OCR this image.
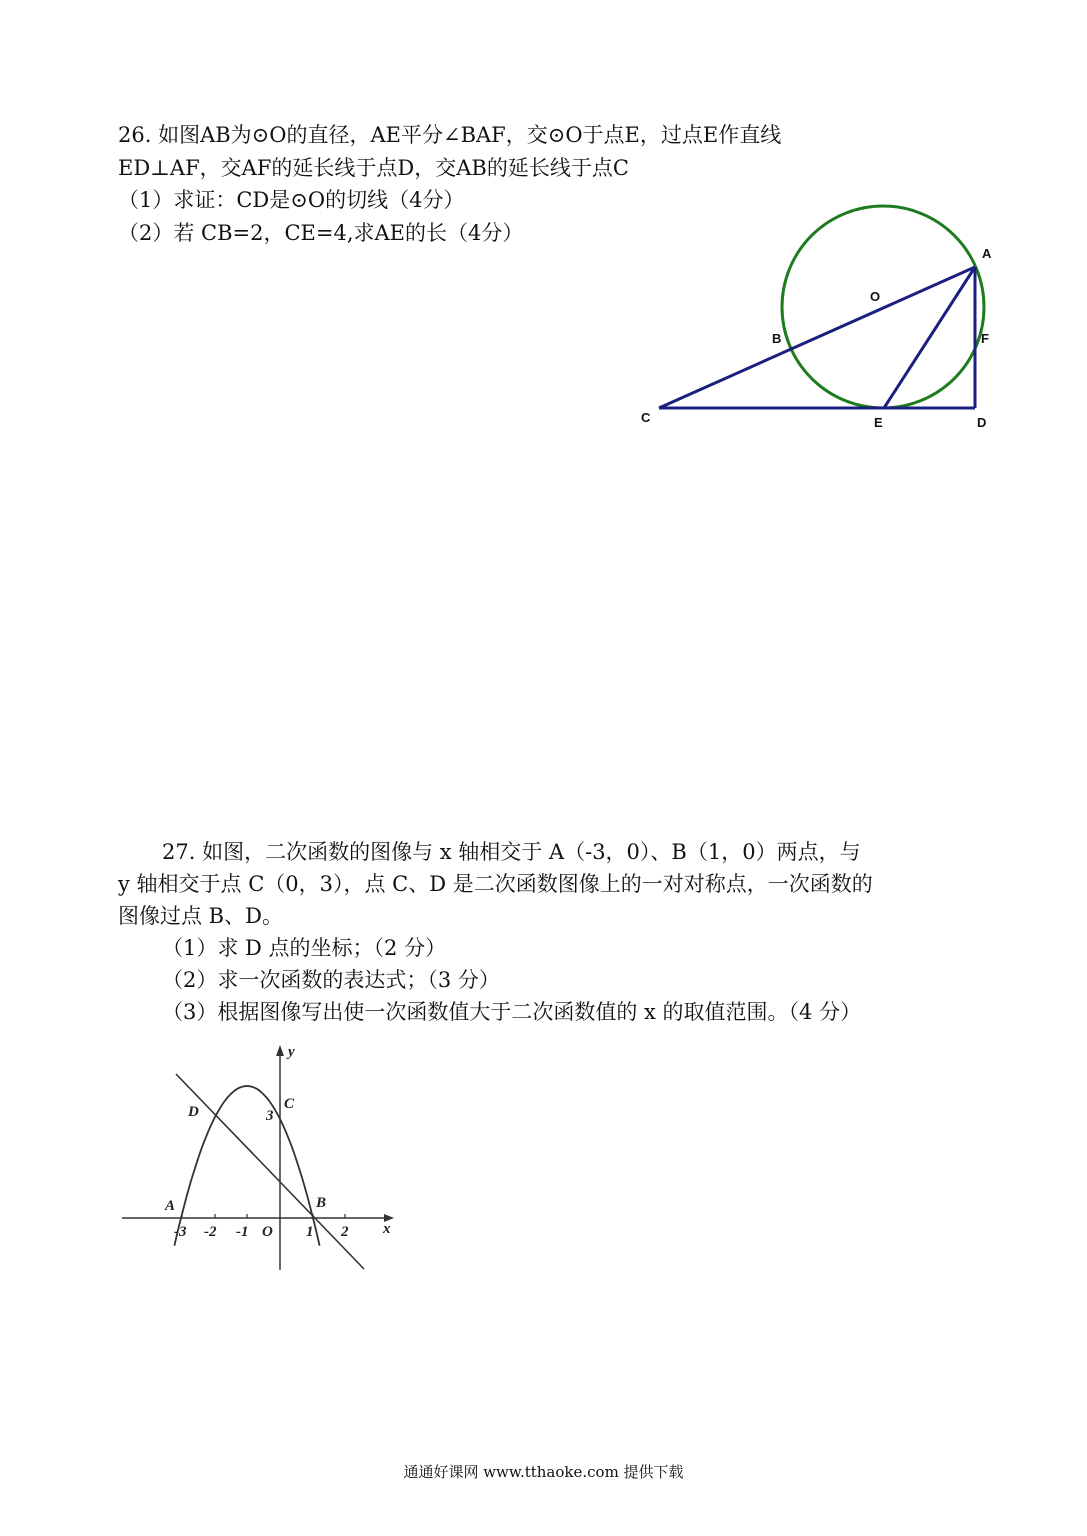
26. 如图AB为⊙O的直径，AE平分∠BAF，交⊙O于点E，过点E作直线
ED⊥AF，交AF的延长线于点D，交AB的延长线于点C
（1）求证：CD是⊙O的切线（4分）
（2）若 CB=2，CE=4,求AE的长（4分）
A
O
B	F
C	E	D
27. 如图，二次函数的图像与 x 轴相交于 A（-3，0）、B（1，0）两点，与
y 轴相交于点 C（0，3），点 C、D 是二次函数图像上的一对对称点，一次函数的
图像过点 B、D。
（1）求 D 点的坐标；（2 分）
（2）求一次函数的表达式；（3 分）
（3）根据图像写出使一次函数值大于二次函数值的 x 的取值范围。（4 分）
y
x
D	C
3
A	B
-3 -2 -1 O 1 2
通通好课网 www.tthaoke.com 提供下载
